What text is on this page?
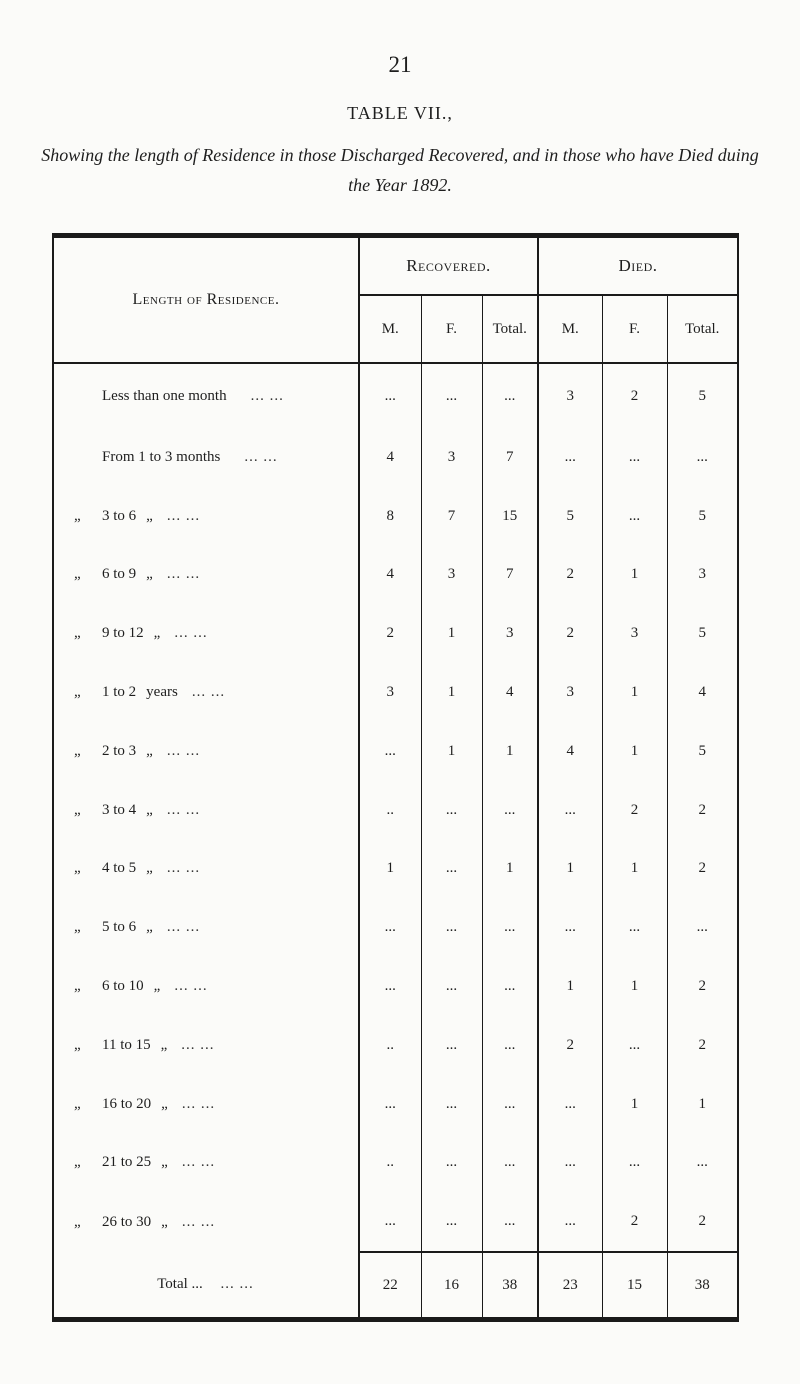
21
TABLE VII.,
Showing the length of Residence in those Discharged Recovered, and in those who have Died duing the Year 1892.
Length of Residence.	Recovered.			Died.		
	M.	F.	Total.	M.	F.	Total.
Less than one month ... ...	...	...	...	3	2	5
From 1 to 3 months ... ...	4	3	7	...	...	...
„ 3 to 6 „ ... ...	8	7	15	5	...	5
„ 6 to 9 „ ... ...	4	3	7	2	1	3
„ 9 to 12 „ ... ...	2	1	3	2	3	5
„ 1 to 2 years ... ...	3	1	4	3	1	4
„ 2 to 3 „ ... ...	...	1	1	4	1	5
„ 3 to 4 „ ... ...	..	...	...	...	2	2
„ 4 to 5 „ ... ...	1	...	1	1	1	2
„ 5 to 6 „ ... ...	...	...	...	...	...	...
„ 6 to 10 „ ... ...	...	...	...	1	1	2
„ 11 to 15 „ ... ...	..	...	...	2	...	2
„ 16 to 20 „ ... ...	...	...	...	...	1	1
„ 21 to 25 „ ... ...	..	...	...	...	...	...
„ 26 to 30 „ ... ...	...	...	...	...	2	2
Total ... ... ...	22	16	38	23	15	38
